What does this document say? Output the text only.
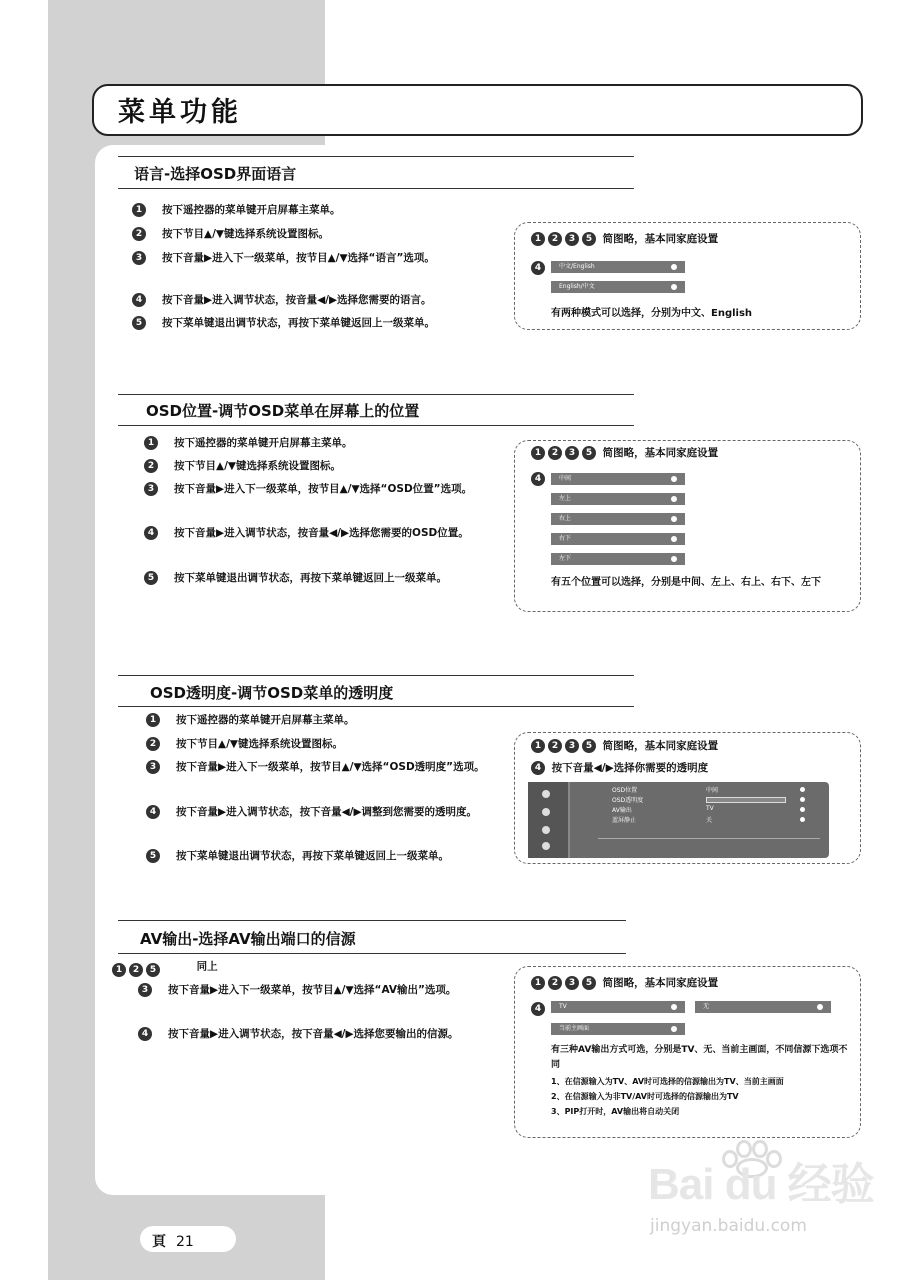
菜单功能
语言-选择OSD界面语言
1	按下遥控器的菜单键开启屏幕主菜单。
2	按下节目▲/▼键选择系统设置图标。
3	按下音量▶进入下一级菜单，按节目▲/▼选择“语言”选项。
4	按下音量▶进入调节状态，按音量◀/▶选择您需要的语言。
5	按下菜单键退出调节状态，再按下菜单键返回上一级菜单。
1 2 3 5 简图略，基本同家庭设置
4	中文/English
English/中文
有两种模式可以选择，分别为中文、English
OSD位置-调节OSD菜单在屏幕上的位置
1	按下遥控器的菜单键开启屏幕主菜单。
2	按下节目▲/▼键选择系统设置图标。
3	按下音量▶进入下一级菜单，按节目▲/▼选择“OSD位置”选项。
4	按下音量▶进入调节状态，按音量◀/▶选择您需要的OSD位置。
5	按下菜单键退出调节状态，再按下菜单键返回上一级菜单。
1 2 3 5 简图略，基本同家庭设置
4	中间
左上
右上
右下
左下
有五个位置可以选择，分别是中间、左上、右上、右下、左下
OSD透明度-调节OSD菜单的透明度
1	按下遥控器的菜单键开启屏幕主菜单。
2	按下节目▲/▼键选择系统设置图标。
3	按下音量▶进入下一级菜单，按节目▲/▼选择“OSD透明度”选项。
4	按下音量▶进入调节状态，按下音量◀/▶调整到您需要的透明度。
5	按下菜单键退出调节状态，再按下菜单键返回上一级菜单。
1 2 3 5 简图略，基本同家庭设置
4 按下音量◀/▶选择你需要的透明度
OSD位置	中间
OSD透明度
AV输出	TV
蓝屏静止	关
AV输出-选择AV输出端口的信源
1 2 5	同上
3	按下音量▶进入下一级菜单，按节目▲/▼选择“AV输出”选项。
4	按下音量▶进入调节状态，按下音量◀/▶选择您要输出的信源。
1 2 3 5 简图略，基本同家庭设置
4	TV	无
当前主画面
有三种AV输出方式可选，分别是TV、无、当前主画面，不同信源下选项不同
1、在信源输入为TV、AV时可选择的信源输出为TV、当前主画面
2、在信源输入为非TV/AV时可选择的信源输出为TV
3、PIP打开时，AV输出将自动关闭
頁 21
Bai du 经验
jingyan.baidu.com
